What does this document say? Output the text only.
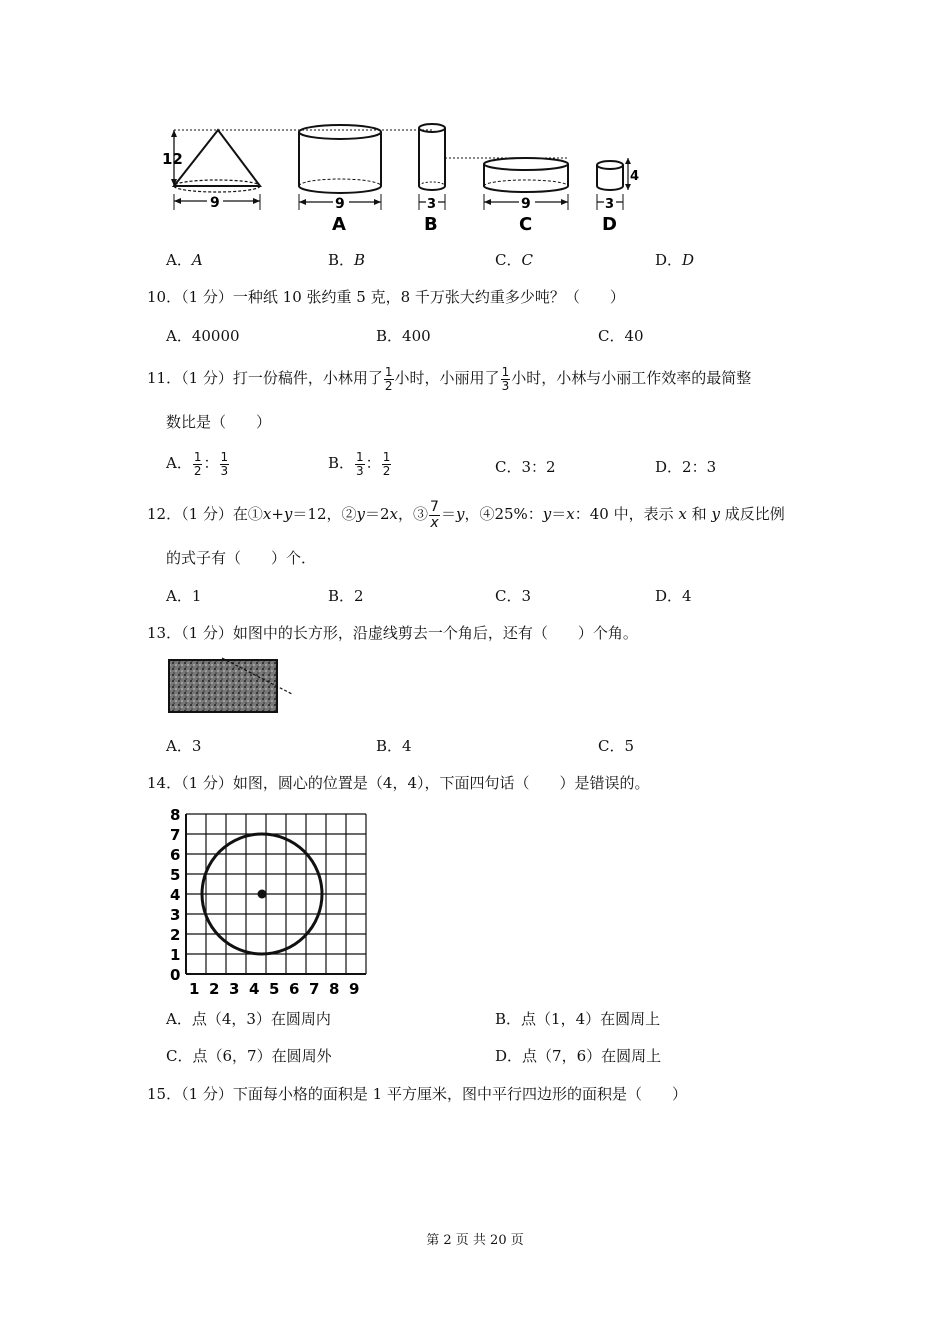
12
9	9
A
3
B
9
C
4
3
D
A．A	B．B	C．C	D．D
10．（1 分）一种纸 10 张约重 5 克，8 千万张大约重多少吨？（　　）
A．40000	B．400	C．40
11．（1 分）打一份稿件，小林用了 $\frac{1}{2}$ 小时，小丽用了 $\frac{1}{3}$ 小时，小林与小丽工作效率的最简整
数比是（　　）
A． $\frac{1}{2}$ ： $\frac{1}{3}$	B． $\frac{1}{3}$ ： $\frac{1}{2}$	C．3：2	D．2：3
12．（1 分）在①x+y＝12，②y＝2x，③ $\frac{7}{x} =y$，④25%：y＝x：40 中，表示 x 和 y 成反比例
的式子有（　　）个．
A．1	B．2	C．3	D．4
13．（1 分）如图中的长方形，沿虚线剪去一个角后，还有（　　）个角。
A．3	B．4	C．5
14．（1 分）如图，圆心的位置是（4，4），下面四句话（　　）是错误的。
8
7
6
5
4
3
2
1
0
1 2 3 4 5 6 7 8 9
A．点（4，3）在圆周内	B．点（1，4）在圆周上
C．点（6，7）在圆周外	D．点（7，6）在圆周上
15．（1 分）下面每小格的面积是 1 平方厘米，图中平行四边形的面积是（　　）
第 2 页 共 20 页
